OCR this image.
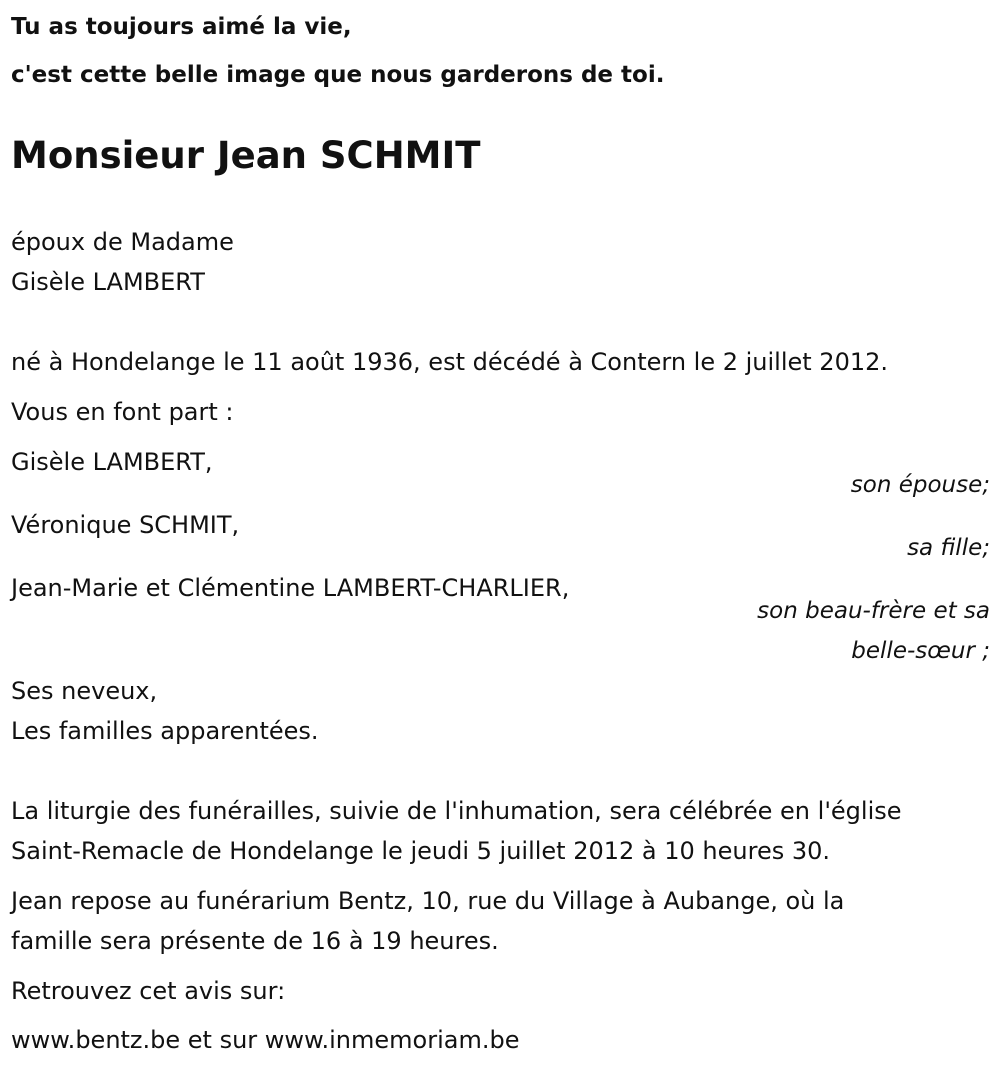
Tu as toujours aimé la vie,
c'est cette belle image que nous garderons de toi.
Monsieur Jean SCHMIT
époux de Madame
Gisèle LAMBERT
né à Hondelange le 11 août 1936, est décédé à Contern le 2 juillet 2012.
Vous en font part :
Gisèle LAMBERT,
son épouse;
Véronique SCHMIT,
sa fille;
Jean-Marie et Clémentine LAMBERT-CHARLIER,
son beau-frère et sa
belle-sœur ;
Ses neveux,
Les familles apparentées.
La liturgie des funérailles, suivie de l'inhumation, sera célébrée en l'église
Saint-Remacle de Hondelange le jeudi 5 juillet 2012 à 10 heures 30.
Jean repose au funérarium Bentz, 10, rue du Village à Aubange, où la
famille sera présente de 16 à 19 heures.
Retrouvez cet avis sur:
www.bentz.be et sur www.inmemoriam.be
